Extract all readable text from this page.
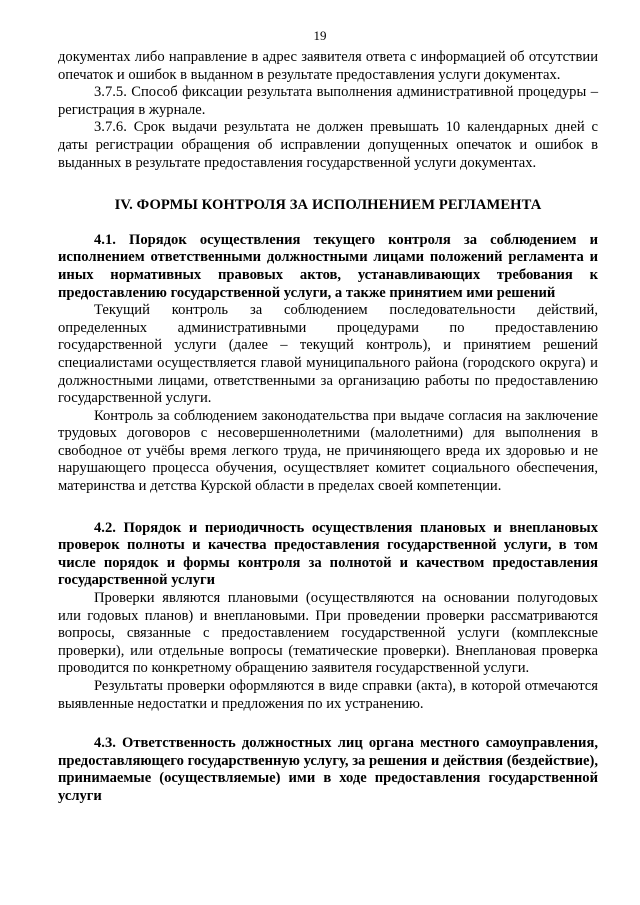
19

документах либо направление в адрес заявителя ответа с информацией об отсутствии опечаток и ошибок в выданном в результате предоставления услуги документах.

3.7.5. Способ фиксации результата выполнения административной процедуры – регистрация в журнале.

3.7.6. Срок выдачи результата не должен превышать 10 календарных дней с даты регистрации обращения об исправлении допущенных опечаток и ошибок в выданных в результате предоставления государственной услуги документах.

IV. ФОРМЫ КОНТРОЛЯ ЗА ИСПОЛНЕНИЕМ РЕГЛАМЕНТА

4.1. Порядок осуществления текущего контроля за соблюдением и исполнением ответственными должностными лицами положений регламента и иных нормативных правовых актов, устанавливающих требования к предоставлению государственной услуги, а также принятием ими решений

Текущий контроль за соблюдением последовательности действий, определенных административными процедурами по предоставлению государственной услуги (далее – текущий контроль), и принятием решений специалистами осуществляется главой муниципального района (городского округа) и должностными лицами, ответственными за организацию работы по предоставлению государственной услуги.

Контроль за соблюдением законодательства при выдаче согласия на заключение трудовых договоров с несовершеннолетними (малолетними) для выполнения в свободное от учёбы время легкого труда, не причиняющего вреда их здоровью и не нарушающего процесса обучения, осуществляет комитет социального обеспечения, материнства и детства Курской области в пределах своей компетенции.

4.2. Порядок и периодичность осуществления плановых и внеплановых проверок полноты и качества предоставления государственной услуги, в том числе порядок и формы контроля за полнотой и качеством предоставления государственной услуги

Проверки являются плановыми (осуществляются на основании полугодовых или годовых планов) и внеплановыми. При проведении проверки рассматриваются вопросы, связанные с предоставлением государственной услуги (комплексные проверки), или отдельные вопросы (тематические проверки). Внеплановая проверка проводится по конкретному обращению заявителя государственной услуги.

Результаты проверки оформляются в виде справки (акта), в которой отмечаются выявленные недостатки и предложения по их устранению.

4.3. Ответственность должностных лиц органа местного самоуправления, предоставляющего государственную услугу, за решения и действия (бездействие), принимаемые (осуществляемые) ими в ходе предоставления государственной услуги
